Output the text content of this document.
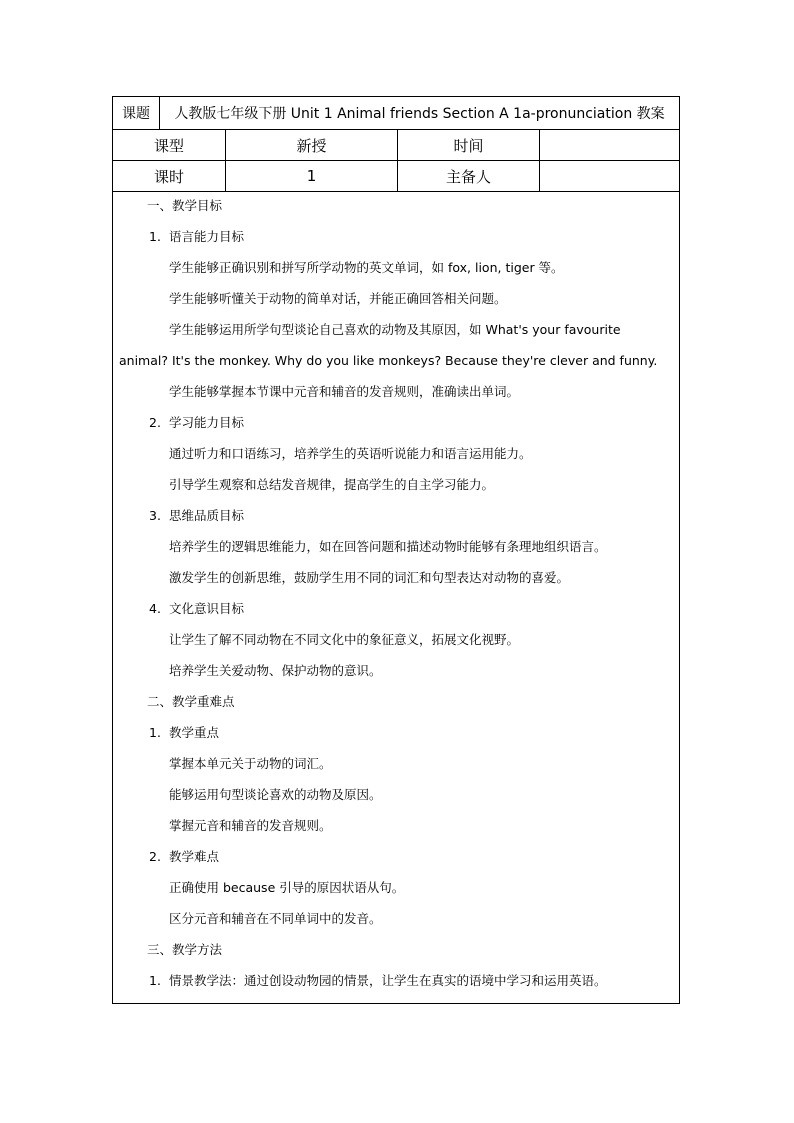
课题	人教版七年级下册 Unit 1 Animal friends Section A 1a-pronunciation 教案
课型	新授	时间
课时	1	主备人
一、教学目标
1. 语言能力目标
学生能够正确识别和拼写所学动物的英文单词，如 fox, lion, tiger 等。
学生能够听懂关于动物的简单对话，并能正确回答相关问题。
学生能够运用所学句型谈论自己喜欢的动物及其原因，如 What's your favourite
animal? It's the monkey. Why do you like monkeys? Because they're clever and funny.
学生能够掌握本节课中元音和辅音的发音规则，准确读出单词。
2. 学习能力目标
通过听力和口语练习，培养学生的英语听说能力和语言运用能力。
引导学生观察和总结发音规律，提高学生的自主学习能力。
3. 思维品质目标
培养学生的逻辑思维能力，如在回答问题和描述动物时能够有条理地组织语言。
激发学生的创新思维，鼓励学生用不同的词汇和句型表达对动物的喜爱。
4. 文化意识目标
让学生了解不同动物在不同文化中的象征意义，拓展文化视野。
培养学生关爱动物、保护动物的意识。
二、教学重难点
1. 教学重点
掌握本单元关于动物的词汇。
能够运用句型谈论喜欢的动物及原因。
掌握元音和辅音的发音规则。
2. 教学难点
正确使用 because 引导的原因状语从句。
区分元音和辅音在不同单词中的发音。
三、教学方法
1. 情景教学法：通过创设动物园的情景，让学生在真实的语境中学习和运用英语。
